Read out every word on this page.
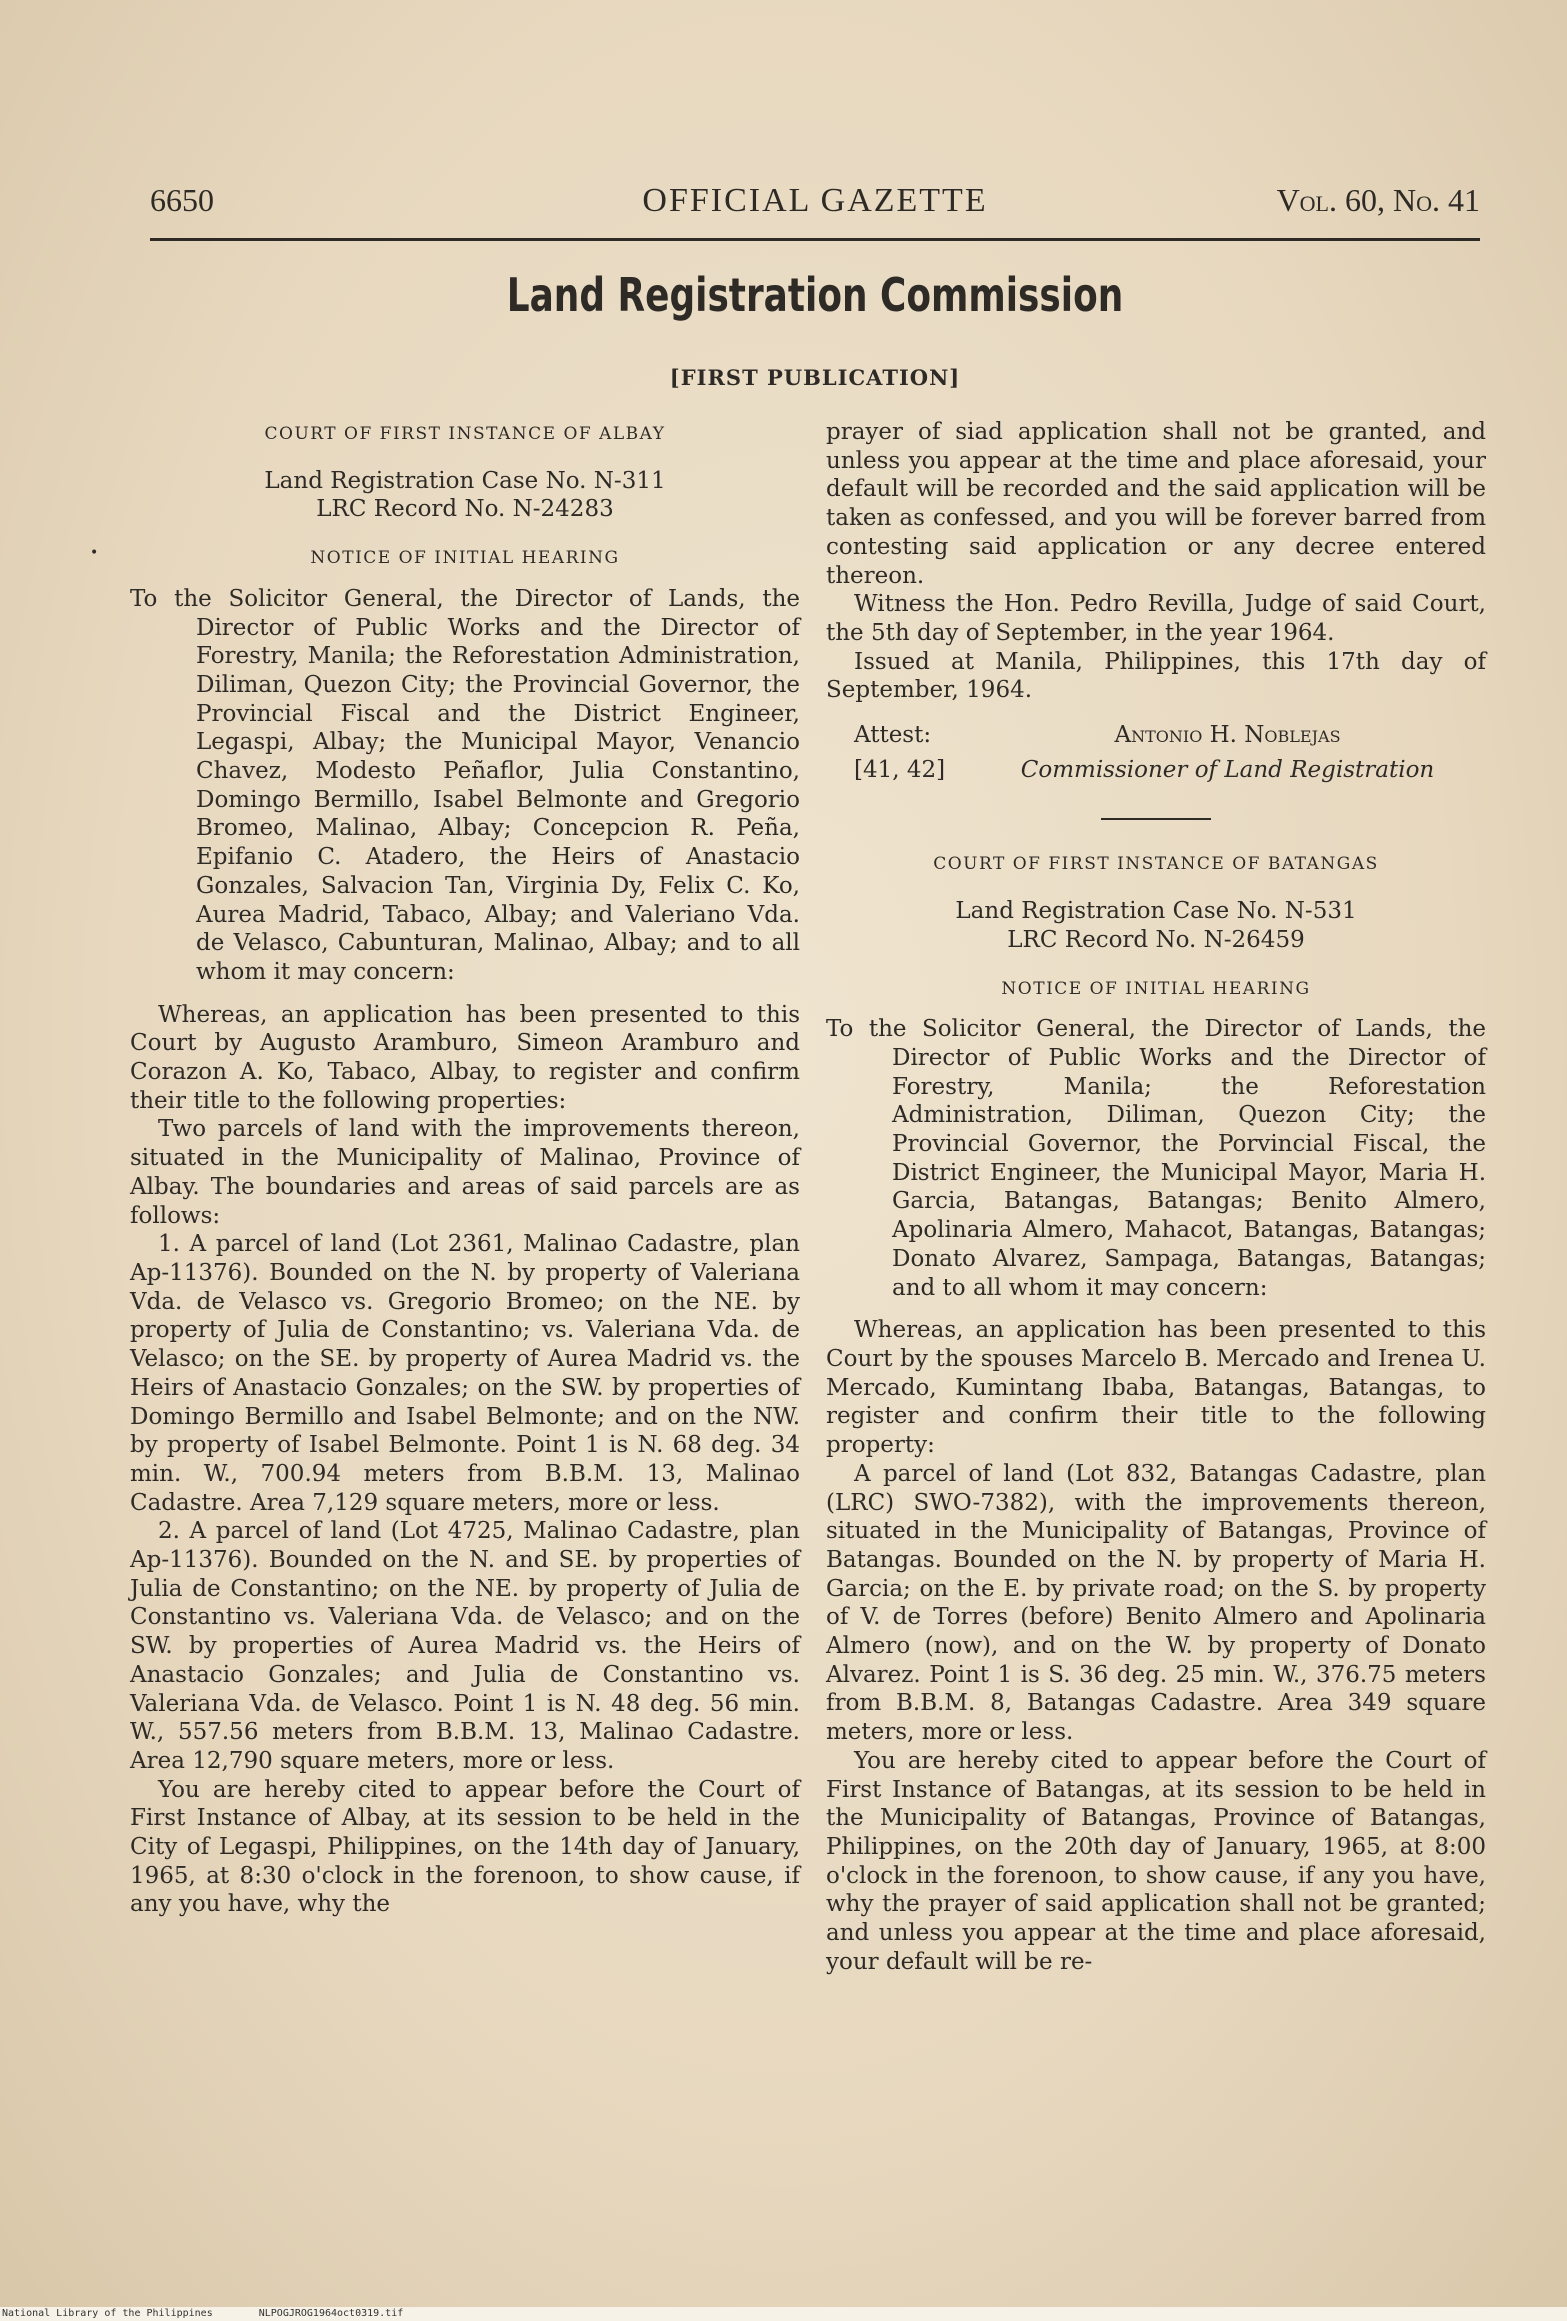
6650	OFFICIAL GAZETTE	Vol. 60, No. 41
Land Registration Commission
[FIRST PUBLICATION]
•
COURT OF FIRST INSTANCE OF ALBAY
Land Registration Case No. N-311
LRC Record No. N-24283
NOTICE OF INITIAL HEARING

To the Solicitor General, the Director of Lands, the Director of Public Works and the Director of Forestry, Manila; the Reforestation Administration, Diliman, Quezon City; the Provincial Governor, the Provincial Fiscal and the District Engineer, Legaspi, Albay; the Municipal Mayor, Venancio Chavez, Modesto Peñaflor, Julia Constantino, Domingo Bermillo, Isabel Belmonte and Gregorio Bromeo, Malinao, Albay; Concepcion R. Peña, Epifanio C. Atadero, the Heirs of Anastacio Gonzales, Salvacion Tan, Virginia Dy, Felix C. Ko, Aurea Madrid, Tabaco, Albay; and Valeriano Vda. de Velasco, Cabunturan, Malinao, Albay; and to all whom it may concern:

Whereas, an application has been presented to this Court by Augusto Aramburo, Simeon Aramburo and Corazon A. Ko, Tabaco, Albay, to register and confirm their title to the following properties:

Two parcels of land with the improvements thereon, situated in the Municipality of Malinao, Province of Albay. The boundaries and areas of said parcels are as follows:

1. A parcel of land (Lot 2361, Malinao Cadastre, plan Ap-11376). Bounded on the N. by property of Valeriana Vda. de Velasco vs. Gregorio Bromeo; on the NE. by property of Julia de Constantino; vs. Valeriana Vda. de Velasco; on the SE. by property of Aurea Madrid vs. the Heirs of Anastacio Gonzales; on the SW. by properties of Domingo Bermillo and Isabel Belmonte; and on the NW. by property of Isabel Belmonte. Point 1 is N. 68 deg. 34 min. W., 700.94 meters from B.B.M. 13, Malinao Cadastre. Area 7,129 square meters, more or less.

2. A parcel of land (Lot 4725, Malinao Cadastre, plan Ap-11376). Bounded on the N. and SE. by properties of Julia de Constantino; on the NE. by property of Julia de Constantino vs. Valeriana Vda. de Velasco; and on the SW. by properties of Aurea Madrid vs. the Heirs of Anastacio Gonzales; and Julia de Constantino vs. Valeriana Vda. de Velasco. Point 1 is N. 48 deg. 56 min. W., 557.56 meters from B.B.M. 13, Malinao Cadastre. Area 12,790 square meters, more or less.

You are hereby cited to appear before the Court of First Instance of Albay, at its session to be held in the City of Legaspi, Philippines, on the 14th day of January, 1965, at 8:30 o'clock in the forenoon, to show cause, if any you have, why the

prayer of siad application shall not be granted, and unless you appear at the time and place aforesaid, your default will be recorded and the said application will be taken as confessed, and you will be forever barred from contesting said application or any decree entered thereon.

Witness the Hon. Pedro Revilla, Judge of said Court, the 5th day of September, in the year 1964.

Issued at Manila, Philippines, this 17th day of September, 1964.

Attest:	Antonio H. Noblejas
[41, 42]	Commissioner of Land Registration
COURT OF FIRST INSTANCE OF BATANGAS
Land Registration Case No. N-531
LRC Record No. N-26459
NOTICE OF INITIAL HEARING

To the Solicitor General, the Director of Lands, the Director of Public Works and the Director of Forestry, Manila; the Reforestation Administration, Diliman, Quezon City; the Provincial Governor, the Porvincial Fiscal, the District Engineer, the Municipal Mayor, Maria H. Garcia, Batangas, Batangas; Benito Almero, Apolinaria Almero, Mahacot, Batangas, Batangas; Donato Alvarez, Sampaga, Batangas, Batangas; and to all whom it may concern:

Whereas, an application has been presented to this Court by the spouses Marcelo B. Mercado and Irenea U. Mercado, Kumintang Ibaba, Batangas, Batangas, to register and confirm their title to the following property:

A parcel of land (Lot 832, Batangas Cadastre, plan (LRC) SWO-7382), with the improvements thereon, situated in the Municipality of Batangas, Province of Batangas. Bounded on the N. by property of Maria H. Garcia; on the E. by private road; on the S. by property of V. de Torres (before) Benito Almero and Apolinaria Almero (now), and on the W. by property of Donato Alvarez. Point 1 is S. 36 deg. 25 min. W., 376.75 meters from B.B.M. 8, Batangas Cadastre. Area 349 square meters, more or less.

You are hereby cited to appear before the Court of First Instance of Batangas, at its session to be held in the Municipality of Batangas, Province of Batangas, Philippines, on the 20th day of January, 1965, at 8:00 o'clock in the forenoon, to show cause, if any you have, why the prayer of said application shall not be granted; and unless you appear at the time and place aforesaid, your default will be re-

National Library of the Philippines	NLPOGJROG1964oct0319.tif
